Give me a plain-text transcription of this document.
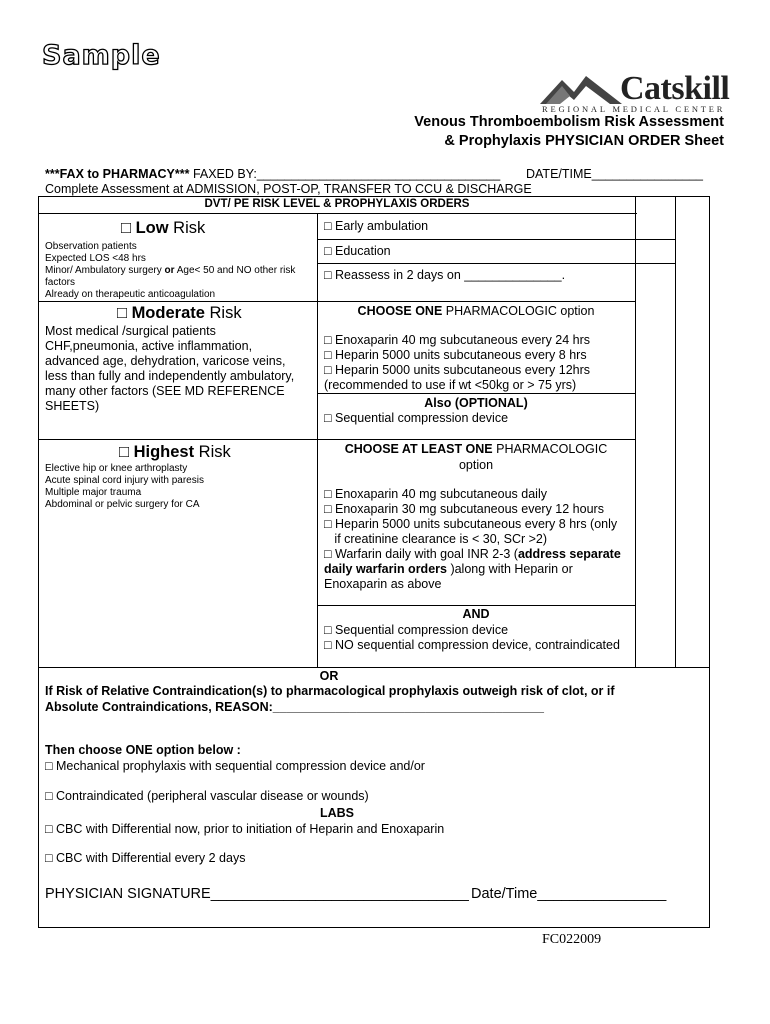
Sample
Catskill
REGIONAL MEDICAL CENTER
Venous Thromboembolism Risk Assessment
& Prophylaxis PHYSICIAN ORDER Sheet
***FAX to PHARMACY*** FAXED BY:___________________________________ DATE/TIME________________
Complete Assessment at ADMISSION, POST-OP, TRANSFER TO CCU & DISCHARGE
DVT/ PE RISK LEVEL & PROPHYLAXIS ORDERS
□ Low Risk
Observation patients
Expected LOS <48 hrs
Minor/ Ambulatory surgery or Age< 50 and NO other risk
factors
Already on therapeutic anticoagulation
□ Early ambulation
□ Education
□ Reassess in 2 days on ______________.
□ Moderate Risk
Most medical /surgical patients
CHF,pneumonia, active inflammation,
advanced age, dehydration, varicose veins,
less than fully and independently ambulatory,
many other factors (SEE MD REFERENCE
SHEETS)
CHOOSE ONE PHARMACOLOGIC option
□ Enoxaparin 40 mg subcutaneous every 24 hrs
□ Heparin 5000 units subcutaneous every 8 hrs
□ Heparin 5000 units subcutaneous every 12hrs
(recommended to use if wt <50kg or > 75 yrs)
Also (OPTIONAL)
□ Sequential compression device
□ Highest Risk
Elective hip or knee arthroplasty
Acute spinal cord injury with paresis
Multiple major trauma
Abdominal or pelvic surgery for CA
CHOOSE AT LEAST ONE PHARMACOLOGIC
option
□ Enoxaparin 40 mg subcutaneous daily
□ Enoxaparin 30 mg subcutaneous every 12 hours
□ Heparin 5000 units subcutaneous every 8 hrs (only
if creatinine clearance is < 30, SCr >2)
□ Warfarin daily with goal INR 2-3 (address separate
daily warfarin orders )along with Heparin or
Enoxaparin as above
AND
□ Sequential compression device
□ NO sequential compression device, contraindicated
OR
If Risk of Relative Contraindication(s) to pharmacological prophylaxis outweigh risk of clot, or if
Absolute Contraindications, REASON:_______________________________________
Then choose ONE option below :
□ Mechanical prophylaxis with sequential compression device and/or
□ Contraindicated (peripheral vascular disease or wounds)
LABS
□ CBC with Differential now, prior to initiation of Heparin and Enoxaparin
□ CBC with Differential every 2 days
PHYSICIAN SIGNATURE________________________________ Date/Time________________
FC022009
